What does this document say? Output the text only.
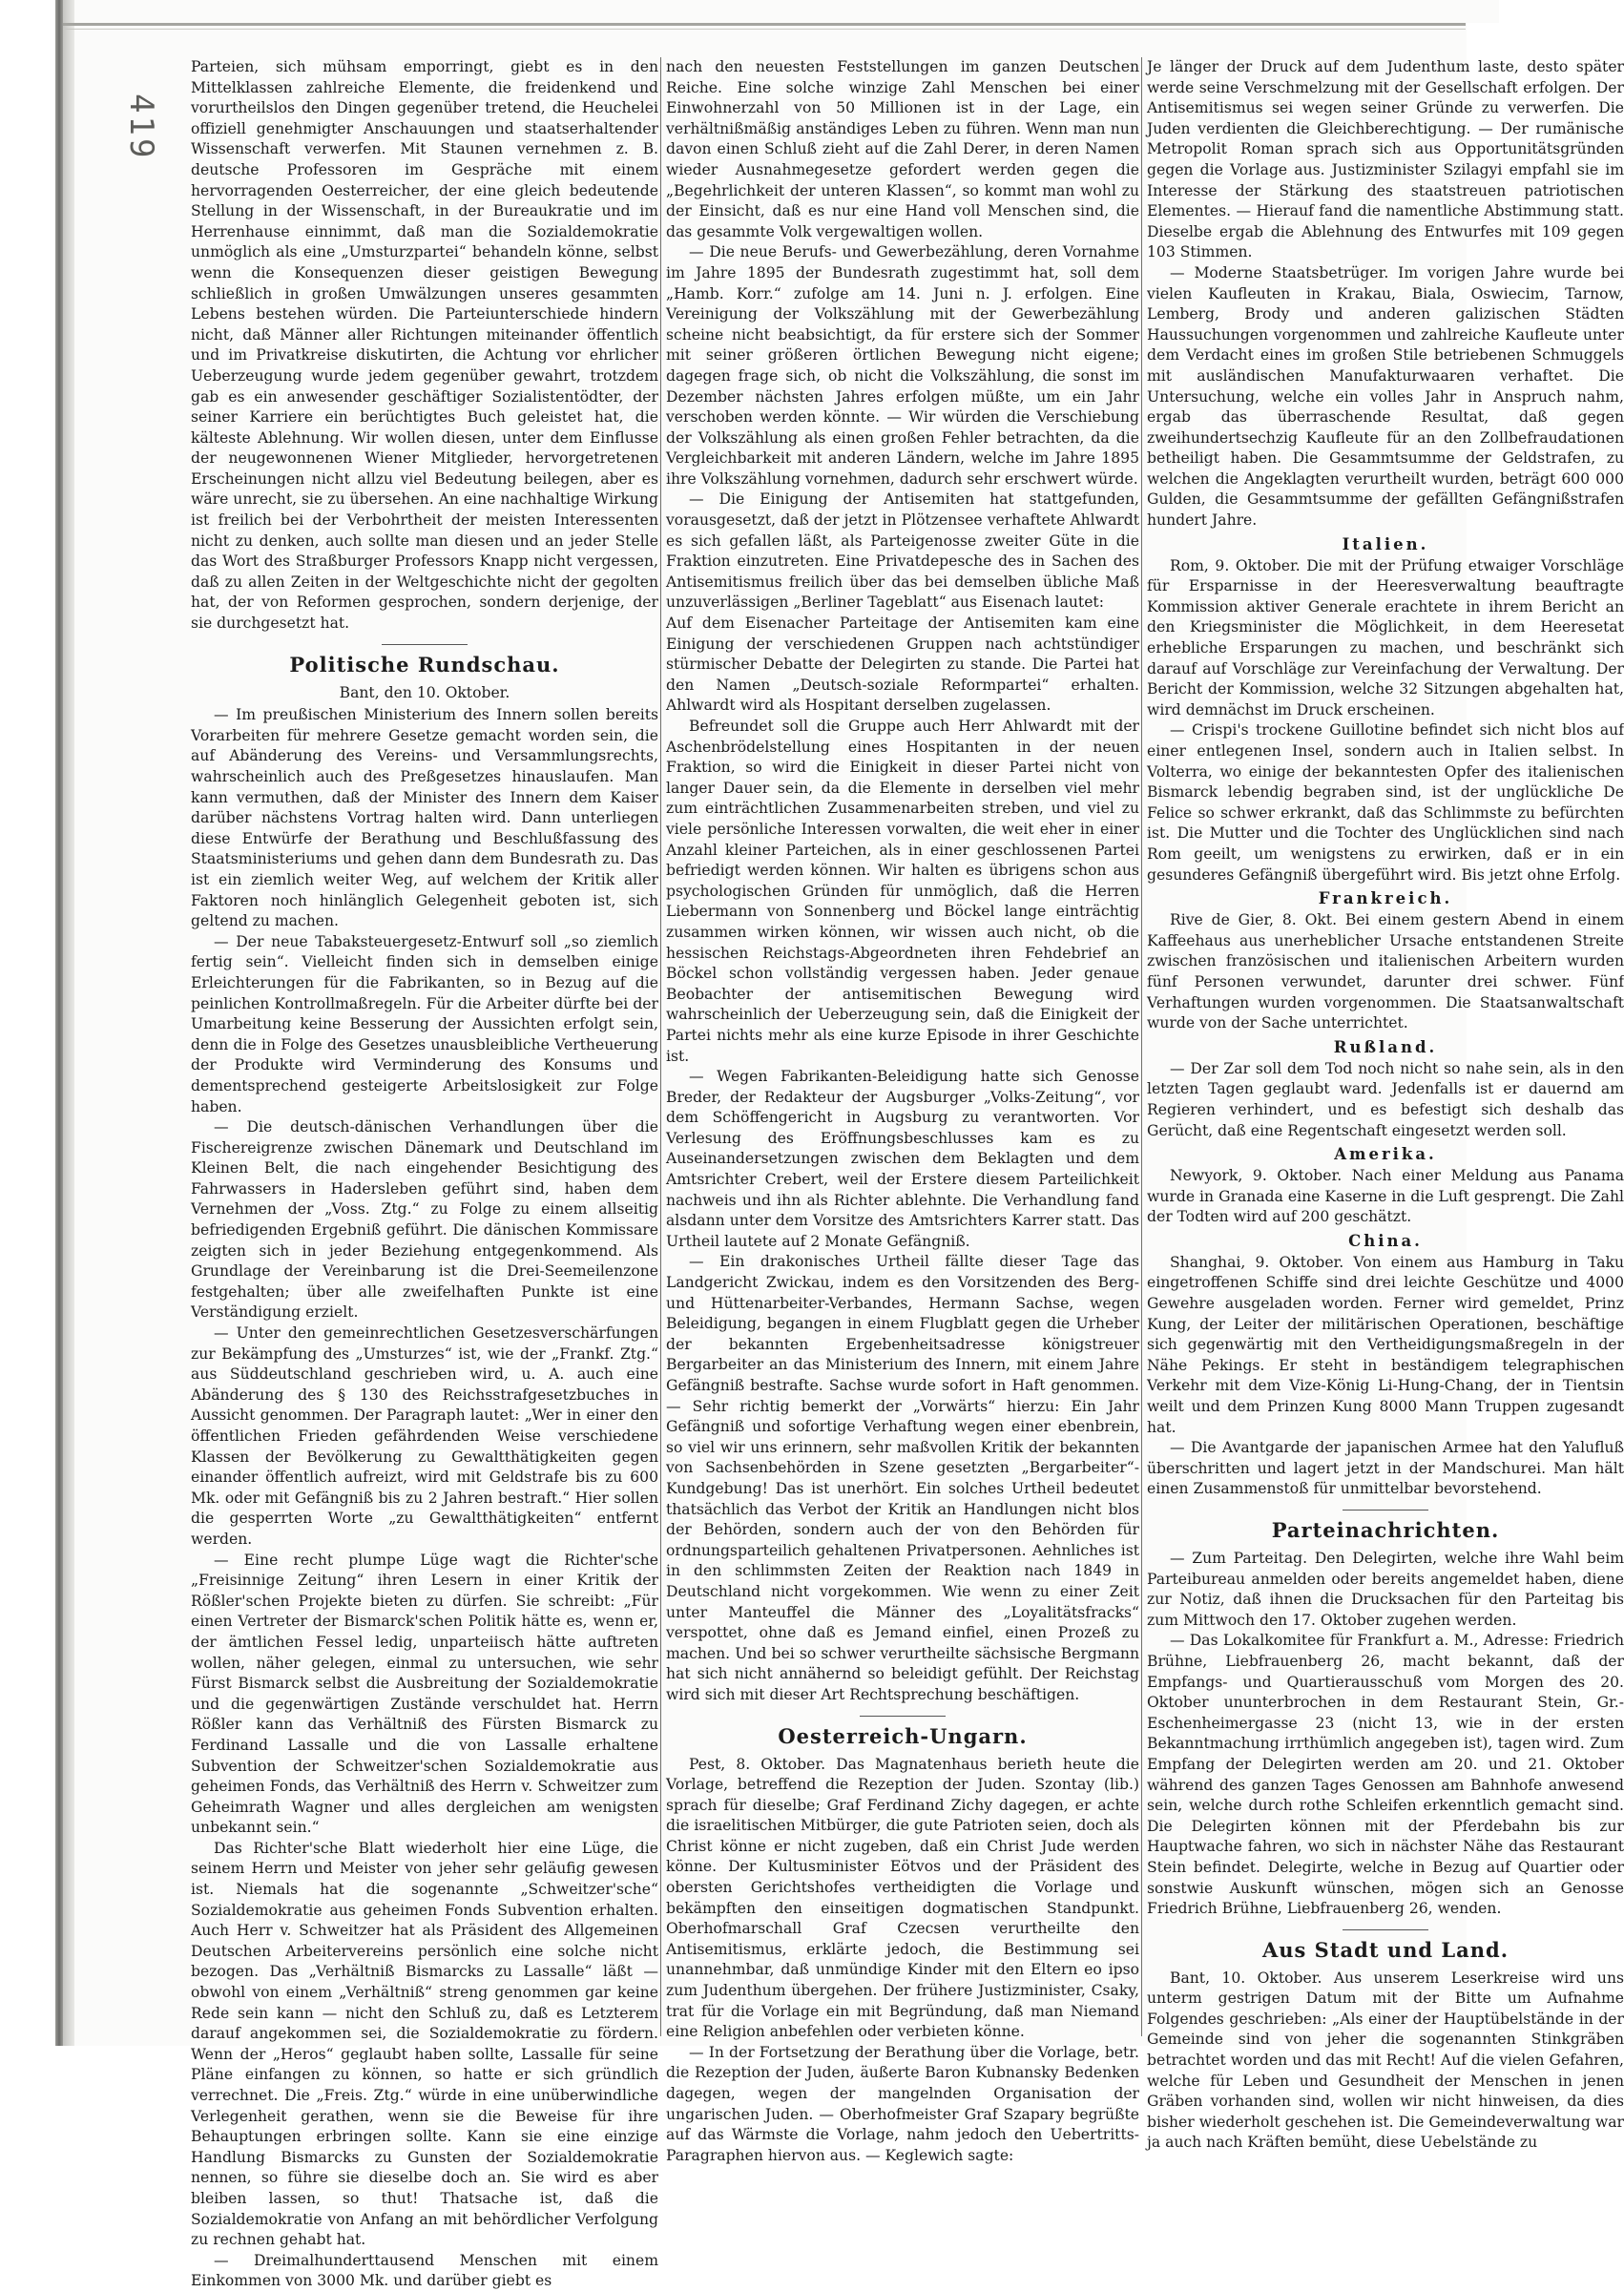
419

Parteien, sich mühsam emporringt, giebt es in den Mittelklassen zahlreiche Elemente, die freidenkend und vorurtheilslos den Dingen gegenüber tretend, die Heuchelei offiziell genehmigter Anschauungen und staatserhaltender Wissenschaft verwerfen. Mit Staunen vernehmen z. B. deutsche Professoren im Gespräche mit einem hervorragenden Oesterreicher, der eine gleich bedeutende Stellung in der Wissenschaft, in der Bureaukratie und im Herrenhause einnimmt, daß man die Sozialdemokratie unmöglich als eine „Umsturzpartei“ behandeln könne, selbst wenn die Konsequenzen dieser geistigen Bewegung schließlich in großen Umwälzungen unseres gesammten Lebens bestehen würden. Die Parteiunterschiede hindern nicht, daß Männer aller Richtungen miteinander öffentlich und im Privatkreise diskutirten, die Achtung vor ehrlicher Ueberzeugung wurde jedem gegenüber gewahrt, trotzdem gab es ein anwesender geschäftiger Sozialistentödter, der seiner Karriere ein berüchtigtes Buch geleistet hat, die kälteste Ablehnung. Wir wollen diesen, unter dem Einflusse der neugewonnenen Wiener Mitglieder, hervorgetretenen Erscheinungen nicht allzu viel Bedeutung beilegen, aber es wäre unrecht, sie zu übersehen. An eine nachhaltige Wirkung ist freilich bei der Verbohrtheit der meisten Interessenten nicht zu denken, auch sollte man diesen und an jeder Stelle das Wort des Straßburger Professors Knapp nicht vergessen, daß zu allen Zeiten in der Weltgeschichte nicht der gegolten hat, der von Reformen gesprochen, sondern derjenige, der sie durchgesetzt hat.

Politische Rundschau.
Bant, den 10. Oktober.

— Im preußischen Ministerium des Innern sollen bereits Vorarbeiten für mehrere Gesetze gemacht worden sein, die auf Abänderung des Vereins- und Versammlungsrechts, wahrscheinlich auch des Preßgesetzes hinauslaufen. Man kann vermuthen, daß der Minister des Innern dem Kaiser darüber nächstens Vortrag halten wird. Dann unterliegen diese Entwürfe der Berathung und Beschlußfassung des Staatsministeriums und gehen dann dem Bundesrath zu. Das ist ein ziemlich weiter Weg, auf welchem der Kritik aller Faktoren noch hinlänglich Gelegenheit geboten ist, sich geltend zu machen.

— Der neue Tabaksteuergesetz-Entwurf soll „so ziemlich fertig sein“. Vielleicht finden sich in demselben einige Erleichterungen für die Fabrikanten, so in Bezug auf die peinlichen Kontrollmaßregeln. Für die Arbeiter dürfte bei der Umarbeitung keine Besserung der Aussichten erfolgt sein, denn die in Folge des Gesetzes unausbleibliche Vertheuerung der Produkte wird Verminderung des Konsums und dementsprechend gesteigerte Arbeitslosigkeit zur Folge haben.

— Die deutsch-dänischen Verhandlungen über die Fischereigrenze zwischen Dänemark und Deutschland im Kleinen Belt, die nach eingehender Besichtigung des Fahrwassers in Hadersleben geführt sind, haben dem Vernehmen der „Voss. Ztg.“ zu Folge zu einem allseitig befriedigenden Ergebniß geführt. Die dänischen Kommissare zeigten sich in jeder Beziehung entgegenkommend. Als Grundlage der Vereinbarung ist die Drei-Seemeilenzone festgehalten; über alle zweifelhaften Punkte ist eine Verständigung erzielt.

— Unter den gemeinrechtlichen Gesetzesverschärfungen zur Bekämpfung des „Umsturzes“ ist, wie der „Frankf. Ztg.“ aus Süddeutschland geschrieben wird, u. A. auch eine Abänderung des § 130 des Reichsstrafgesetzbuches in Aussicht genommen. Der Paragraph lautet: „Wer in einer den öffentlichen Frieden gefährdenden Weise verschiedene Klassen der Bevölkerung zu Gewaltthätigkeiten gegen einander öffentlich aufreizt, wird mit Geldstrafe bis zu 600 Mk. oder mit Gefängniß bis zu 2 Jahren bestraft.“ Hier sollen die gesperrten Worte „zu Gewaltthätigkeiten“ entfernt werden.

— Eine recht plumpe Lüge wagt die Richter'sche „Freisinnige Zeitung“ ihren Lesern in einer Kritik der Rößler'schen Projekte bieten zu dürfen. Sie schreibt: „Für einen Vertreter der Bismarck'schen Politik hätte es, wenn er, der ämtlichen Fessel ledig, unparteiisch hätte auftreten wollen, näher gelegen, einmal zu untersuchen, wie sehr Fürst Bismarck selbst die Ausbreitung der Sozialdemokratie und die gegenwärtigen Zustände verschuldet hat. Herrn Rößler kann das Verhältniß des Fürsten Bismarck zu Ferdinand Lassalle und die von Lassalle erhaltene Subvention der Schweitzer'schen Sozialdemokratie aus geheimen Fonds, das Verhältniß des Herrn v. Schweitzer zum Geheimrath Wagner und alles dergleichen am wenigsten unbekannt sein.“

Das Richter'sche Blatt wiederholt hier eine Lüge, die seinem Herrn und Meister von jeher sehr geläufig gewesen ist. Niemals hat die sogenannte „Schweitzer'sche“ Sozialdemokratie aus geheimen Fonds Subvention erhalten. Auch Herr v. Schweitzer hat als Präsident des Allgemeinen Deutschen Arbeitervereins persönlich eine solche nicht bezogen. Das „Verhältniß Bismarcks zu Lassalle“ läßt — obwohl von einem „Verhältniß“ streng genommen gar keine Rede sein kann — nicht den Schluß zu, daß es Letzterem darauf angekommen sei, die Sozialdemokratie zu fördern. Wenn der „Heros“ geglaubt haben sollte, Lassalle für seine Pläne einfangen zu können, so hatte er sich gründlich verrechnet. Die „Freis. Ztg.“ würde in eine unüberwindliche Verlegenheit gerathen, wenn sie die Beweise für ihre Behauptungen erbringen sollte. Kann sie eine einzige Handlung Bismarcks zu Gunsten der Sozialdemokratie nennen, so führe sie dieselbe doch an. Sie wird es aber bleiben lassen, so thut! Thatsache ist, daß die Sozialdemokratie von Anfang an mit behördlicher Verfolgung zu rechnen gehabt hat.

— Dreimalhunderttausend Menschen mit einem Einkommen von 3000 Mk. und darüber giebt es

nach den neuesten Feststellungen im ganzen Deutschen Reiche. Eine solche winzige Zahl Menschen bei einer Einwohnerzahl von 50 Millionen ist in der Lage, ein verhältnißmäßig anständiges Leben zu führen. Wenn man nun davon einen Schluß zieht auf die Zahl Derer, in deren Namen wieder Ausnahmegesetze gefordert werden gegen die „Begehrlichkeit der unteren Klassen“, so kommt man wohl zu der Einsicht, daß es nur eine Hand voll Menschen sind, die das gesammte Volk vergewaltigen wollen.

— Die neue Berufs- und Gewerbezählung, deren Vornahme im Jahre 1895 der Bundesrath zugestimmt hat, soll dem „Hamb. Korr.“ zufolge am 14. Juni n. J. erfolgen. Eine Vereinigung der Volkszählung mit der Gewerbezählung scheine nicht beabsichtigt, da für erstere sich der Sommer mit seiner größeren örtlichen Bewegung nicht eigene; dagegen frage sich, ob nicht die Volkszählung, die sonst im Dezember nächsten Jahres erfolgen müßte, um ein Jahr verschoben werden könnte. — Wir würden die Verschiebung der Volkszählung als einen großen Fehler betrachten, da die Vergleichbarkeit mit anderen Ländern, welche im Jahre 1895 ihre Volkszählung vornehmen, dadurch sehr erschwert würde.

— Die Einigung der Antisemiten hat stattgefunden, vorausgesetzt, daß der jetzt in Plötzensee verhaftete Ahlwardt es sich gefallen läßt, als Parteigenosse zweiter Güte in die Fraktion einzutreten. Eine Privatdepesche des in Sachen des Antisemitismus freilich über das bei demselben übliche Maß unzuverlässigen „Berliner Tageblatt“ aus Eisenach lautet:

Auf dem Eisenacher Parteitage der Antisemiten kam eine Einigung der verschiedenen Gruppen nach achtstündiger stürmischer Debatte der Delegirten zu stande. Die Partei hat den Namen „Deutsch-soziale Reformpartei“ erhalten. Ahlwardt wird als Hospitant derselben zugelassen.

Befreundet soll die Gruppe auch Herr Ahlwardt mit der Aschenbrödelstellung eines Hospitanten in der neuen Fraktion, so wird die Einigkeit in dieser Partei nicht von langer Dauer sein, da die Elemente in derselben viel mehr zum einträchtlichen Zusammenarbeiten streben, und viel zu viele persönliche Interessen vorwalten, die weit eher in einer Anzahl kleiner Parteichen, als in einer geschlossenen Partei befriedigt werden können. Wir halten es übrigens schon aus psychologischen Gründen für unmöglich, daß die Herren Liebermann von Sonnenberg und Böckel lange einträchtig zusammen wirken können, wir wissen auch nicht, ob die hessischen Reichstags-Abgeordneten ihren Fehdebrief an Böckel schon vollständig vergessen haben. Jeder genaue Beobachter der antisemitischen Bewegung wird wahrscheinlich der Ueberzeugung sein, daß die Einigkeit der Partei nichts mehr als eine kurze Episode in ihrer Geschichte ist.

— Wegen Fabrikanten-Beleidigung hatte sich Genosse Breder, der Redakteur der Augsburger „Volks-Zeitung“, vor dem Schöffengericht in Augsburg zu verantworten. Vor Verlesung des Eröffnungsbeschlusses kam es zu Auseinandersetzungen zwischen dem Beklagten und dem Amtsrichter Crebert, weil der Erstere diesem Parteilichkeit nachweis und ihn als Richter ablehnte. Die Verhandlung fand alsdann unter dem Vorsitze des Amtsrichters Karrer statt. Das Urtheil lautete auf 2 Monate Gefängniß.

— Ein drakonisches Urtheil fällte dieser Tage das Landgericht Zwickau, indem es den Vorsitzenden des Berg- und Hüttenarbeiter-Verbandes, Hermann Sachse, wegen Beleidigung, begangen in einem Flugblatt gegen die Urheber der bekannten Ergebenheitsadresse königstreuer Bergarbeiter an das Ministerium des Innern, mit einem Jahre Gefängniß bestrafte. Sachse wurde sofort in Haft genommen. — Sehr richtig bemerkt der „Vorwärts“ hierzu: Ein Jahr Gefängniß und sofortige Verhaftung wegen einer ebenbrein, so viel wir uns erinnern, sehr maßvollen Kritik der bekannten von Sachsenbehörden in Szene gesetzten „Bergarbeiter“-Kundgebung! Das ist unerhört. Ein solches Urtheil bedeutet thatsächlich das Verbot der Kritik an Handlungen nicht blos der Behörden, sondern auch der von den Behörden für ordnungsparteilich gehaltenen Privatpersonen. Aehnliches ist in den schlimmsten Zeiten der Reaktion nach 1849 in Deutschland nicht vorgekommen. Wie wenn zu einer Zeit unter Manteuffel die Männer des „Loyalitätsfracks“ verspottet, ohne daß es Jemand einfiel, einen Prozeß zu machen. Und bei so schwer verurtheilte sächsische Bergmann hat sich nicht annähernd so beleidigt gefühlt. Der Reichstag wird sich mit dieser Art Rechtsprechung beschäftigen.

Oesterreich-Ungarn.

Pest, 8. Oktober. Das Magnatenhaus berieth heute die Vorlage, betreffend die Rezeption der Juden. Szontay (lib.) sprach für dieselbe; Graf Ferdinand Zichy dagegen, er achte die israelitischen Mitbürger, die gute Patrioten seien, doch als Christ könne er nicht zugeben, daß ein Christ Jude werden könne. Der Kultusminister Eötvos und der Präsident des obersten Gerichtshofes vertheidigten die Vorlage und bekämpften den einseitigen dogmatischen Standpunkt. Oberhofmarschall Graf Czecsen verurtheilte den Antisemitismus, erklärte jedoch, die Bestimmung sei unannehmbar, daß unmündige Kinder mit den Eltern eo ipso zum Judenthum übergehen. Der frühere Justizminister, Csaky, trat für die Vorlage ein mit Begründung, daß man Niemand eine Religion anbefehlen oder verbieten könne.

— In der Fortsetzung der Berathung über die Vorlage, betr. die Rezeption der Juden, äußerte Baron Kubnansky Bedenken dagegen, wegen der mangelnden Organisation der ungarischen Juden. — Oberhofmeister Graf Szapary begrüßte auf das Wärmste die Vorlage, nahm jedoch den Uebertritts-Paragraphen hiervon aus. — Keglewich sagte:

Je länger der Druck auf dem Judenthum laste, desto später werde seine Verschmelzung mit der Gesellschaft erfolgen. Der Antisemitismus sei wegen seiner Gründe zu verwerfen. Die Juden verdienten die Gleichberechtigung. — Der rumänische Metropolit Roman sprach sich aus Opportunitätsgründen gegen die Vorlage aus. Justizminister Szilagyi empfahl sie im Interesse der Stärkung des staatstreuen patriotischen Elementes. — Hierauf fand die namentliche Abstimmung statt. Dieselbe ergab die Ablehnung des Entwurfes mit 109 gegen 103 Stimmen.

— Moderne Staatsbetrüger. Im vorigen Jahre wurde bei vielen Kaufleuten in Krakau, Biala, Oswiecim, Tarnow, Lemberg, Brody und anderen galizischen Städten Haussuchungen vorgenommen und zahlreiche Kaufleute unter dem Verdacht eines im großen Stile betriebenen Schmuggels mit ausländischen Manufakturwaaren verhaftet. Die Untersuchung, welche ein volles Jahr in Anspruch nahm, ergab das überraschende Resultat, daß gegen zweihundertsechzig Kaufleute für an den Zollbefraudationen betheiligt haben. Die Gesammtsumme der Geldstrafen, zu welchen die Angeklagten verurtheilt wurden, beträgt 600 000 Gulden, die Gesammtsumme der gefällten Gefängnißstrafen hundert Jahre.

Italien.

Rom, 9. Oktober. Die mit der Prüfung etwaiger Vorschläge für Ersparnisse in der Heeresverwaltung beauftragte Kommission aktiver Generale erachtete in ihrem Bericht an den Kriegsminister die Möglichkeit, in dem Heeresetat erhebliche Ersparungen zu machen, und beschränkt sich darauf auf Vorschläge zur Vereinfachung der Verwaltung. Der Bericht der Kommission, welche 32 Sitzungen abgehalten hat, wird demnächst im Druck erscheinen.

— Crispi's trockene Guillotine befindet sich nicht blos auf einer entlegenen Insel, sondern auch in Italien selbst. In Volterra, wo einige der bekanntesten Opfer des italienischen Bismarck lebendig begraben sind, ist der unglückliche De Felice so schwer erkrankt, daß das Schlimmste zu befürchten ist. Die Mutter und die Tochter des Unglücklichen sind nach Rom geeilt, um wenigstens zu erwirken, daß er in ein gesunderes Gefängniß übergeführt wird. Bis jetzt ohne Erfolg.

Frankreich.

Rive de Gier, 8. Okt. Bei einem gestern Abend in einem Kaffeehaus aus unerheblicher Ursache entstandenen Streite zwischen französischen und italienischen Arbeitern wurden fünf Personen verwundet, darunter drei schwer. Fünf Verhaftungen wurden vorgenommen. Die Staatsanwaltschaft wurde von der Sache unterrichtet.

Rußland.

— Der Zar soll dem Tod noch nicht so nahe sein, als in den letzten Tagen geglaubt ward. Jedenfalls ist er dauernd am Regieren verhindert, und es befestigt sich deshalb das Gerücht, daß eine Regentschaft eingesetzt werden soll.

Amerika.

Newyork, 9. Oktober. Nach einer Meldung aus Panama wurde in Granada eine Kaserne in die Luft gesprengt. Die Zahl der Todten wird auf 200 geschätzt.

China.

Shanghai, 9. Oktober. Von einem aus Hamburg in Taku eingetroffenen Schiffe sind drei leichte Geschütze und 4000 Gewehre ausgeladen worden. Ferner wird gemeldet, Prinz Kung, der Leiter der militärischen Operationen, beschäftige sich gegenwärtig mit den Vertheidigungsmaßregeln in der Nähe Pekings. Er steht in beständigem telegraphischen Verkehr mit dem Vize-König Li-Hung-Chang, der in Tientsin weilt und dem Prinzen Kung 8000 Mann Truppen zugesandt hat.

— Die Avantgarde der japanischen Armee hat den Yalufluß überschritten und lagert jetzt in der Mandschurei. Man hält einen Zusammenstoß für unmittelbar bevorstehend.

Parteinachrichten.

— Zum Parteitag. Den Delegirten, welche ihre Wahl beim Parteibureau anmelden oder bereits angemeldet haben, diene zur Notiz, daß ihnen die Drucksachen für den Parteitag bis zum Mittwoch den 17. Oktober zugehen werden.

— Das Lokalkomitee für Frankfurt a. M., Adresse: Friedrich Brühne, Liebfrauenberg 26, macht bekannt, daß der Empfangs- und Quartierausschuß vom Morgen des 20. Oktober ununterbrochen in dem Restaurant Stein, Gr.-Eschenheimergasse 23 (nicht 13, wie in der ersten Bekanntmachung irrthümlich angegeben ist), tagen wird. Zum Empfang der Delegirten werden am 20. und 21. Oktober während des ganzen Tages Genossen am Bahnhofe anwesend sein, welche durch rothe Schleifen erkenntlich gemacht sind. Die Delegirten können mit der Pferdebahn bis zur Hauptwache fahren, wo sich in nächster Nähe das Restaurant Stein befindet. Delegirte, welche in Bezug auf Quartier oder sonstwie Auskunft wünschen, mögen sich an Genosse Friedrich Brühne, Liebfrauenberg 26, wenden.

Aus Stadt und Land.

Bant, 10. Oktober. Aus unserem Leserkreise wird uns unterm gestrigen Datum mit der Bitte um Aufnahme Folgendes geschrieben: „Als einer der Hauptübelstände in der Gemeinde sind von jeher die sogenannten Stinkgräben betrachtet worden und das mit Recht! Auf die vielen Gefahren, welche für Leben und Gesundheit der Menschen in jenen Gräben vorhanden sind, wollen wir nicht hinweisen, da dies bisher wiederholt geschehen ist. Die Gemeindeverwaltung war ja auch nach Kräften bemüht, diese Uebelstände zu
